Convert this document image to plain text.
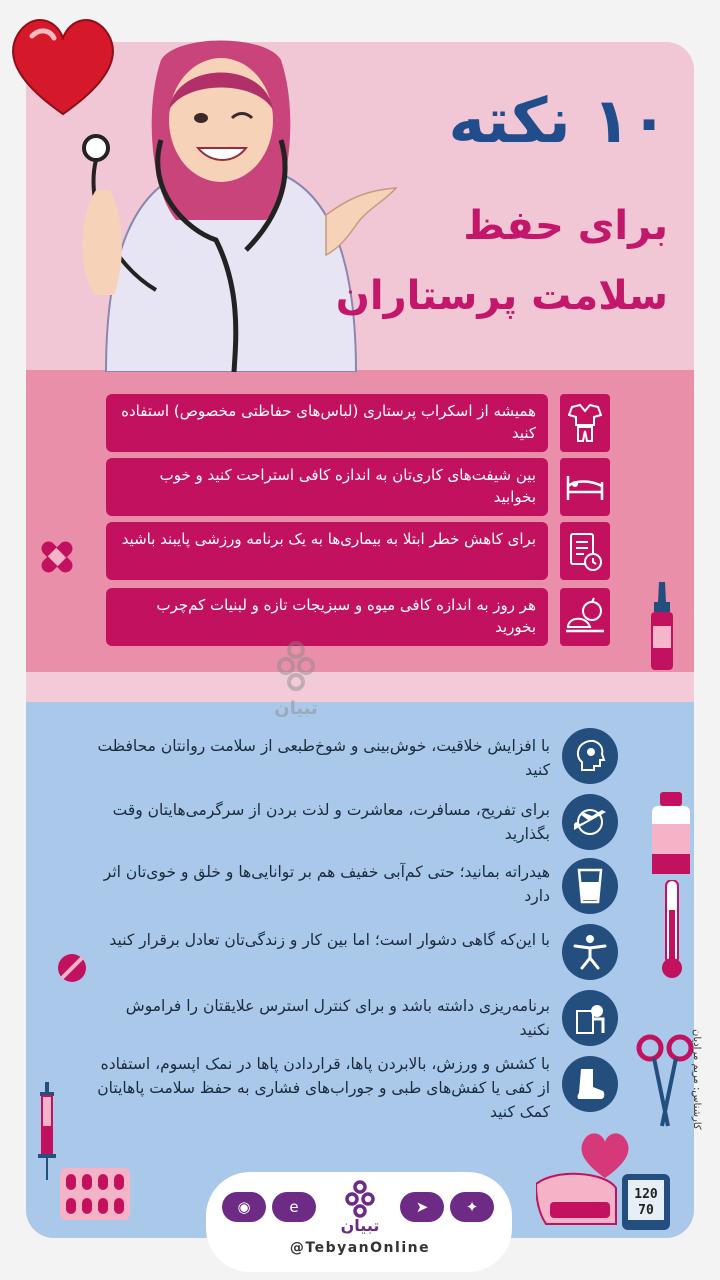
۱۰ نکته
برای حفظ
سلامت پرستاران
همیشه از اسکراب پرستاری (لباس‌های حفاظتی مخصوص) استفاده کنید
بین شیفت‌های کاری‌تان به اندازه کافی استراحت کنید و خوب بخوابید
برای کاهش خطر ابتلا به بیماری‌ها به یک برنامه ورزشی پایبند باشید
هر روز به اندازه کافی میوه و سبزیجات تازه و لبنیات کم‌چرب بخورید
تبیان
با افزایش خلاقیت، خوش‌بینی و شوخ‌طبعی از سلامت روانتان محافظت کنید
برای تفریح، مسافرت، معاشرت و لذت بردن از سرگرمی‌هایتان وقت بگذارید
هیدراته بمانید؛ حتی کم‌آبی خفیف هم بر توانایی‌ها و خلق و خوی‌تان اثر دارد
با این‌که گاهی دشوار است؛ اما بین کار و زندگی‌تان تعادل برقرار کنید
برنامه‌ریزی داشته باشد و برای کنترل استرس علایقتان را فراموش نکنید
با کشش و ورزش، بالابردن پاها، قراردادن پاها در نمک اپسوم، استفاده از کفی یا کفش‌های طبی و جوراب‌های فشاری به حفظ سلامت پاهایتان کمک کنید
120
70
کارشناس: مریم مرادیان
◉	e	➤	✦
تبیان
@TebyanOnline
